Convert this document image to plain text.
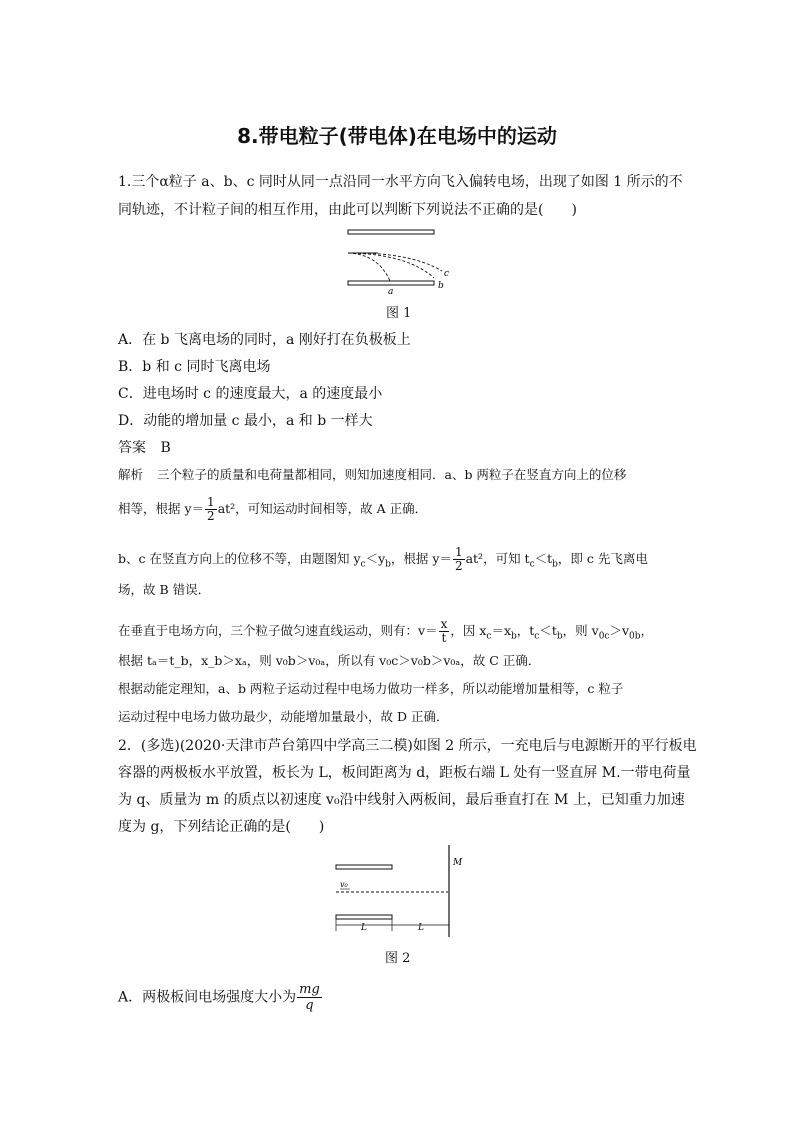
8.带电粒子(带电体)在电场中的运动
1.三个α粒子 a、b、c 同时从同一点沿同一水平方向飞入偏转电场，出现了如图 1 所示的不
同轨迹，不计粒子间的相互作用，由此可以判断下列说法不正确的是(　　)
a
b
c
图 1
A．在 b 飞离电场的同时，a 刚好打在负极板上
B．b 和 c 同时飞离电场
C．进电场时 c 的速度最大，a 的速度最小
D．动能的增加量 c 最小，a 和 b 一样大
答案 B
解析 三个粒子的质量和电荷量都相同，则知加速度相同．a、b 两粒子在竖直方向上的位移
相等，根据 $y= \frac{1}{2} at^2$，可知运动时间相等，故 A 正确．
b、c 在竖直方向上的位移不等，由题图知 $y_c<y_b$，根据 $y= \frac{1}{2} at^2$，可知 $t_c<t_b$，即 c 先飞离电
场，故 B 错误．
在垂直于电场方向，三个粒子做匀速直线运动，则有：$v= \frac{x}{t}$ ，因 $x_c=x_b$，$t_c<t_b$，则 $v_{0c}>v_{0b}$，
根据 tₐ＝t_b，x_b＞xₐ，则 v₀b＞v₀ₐ，所以有 v₀c＞v₀b＞v₀ₐ，故 C 正确．
根据动能定理知，a、b 两粒子运动过程中电场力做功一样多，所以动能增加量相等，c 粒子
运动过程中电场力做功最少，动能增加量最小，故 D 正确．
2．(多选)(2020·天津市芦台第四中学高三二模)如图 2 所示，一充电后与电源断开的平行板电
容器的两极板水平放置，板长为 L，板间距离为 d，距板右端 L 处有一竖直屏 M.一带电荷量
为 q、质量为 m 的质点以初速度 v₀沿中线射入两板间，最后垂直打在 M 上，已知重力加速
度为 g，下列结论正确的是(　　)
M
v₀
L	L
图 2
A．两极板间电场强度大小为 $\frac{mg}{q}$
